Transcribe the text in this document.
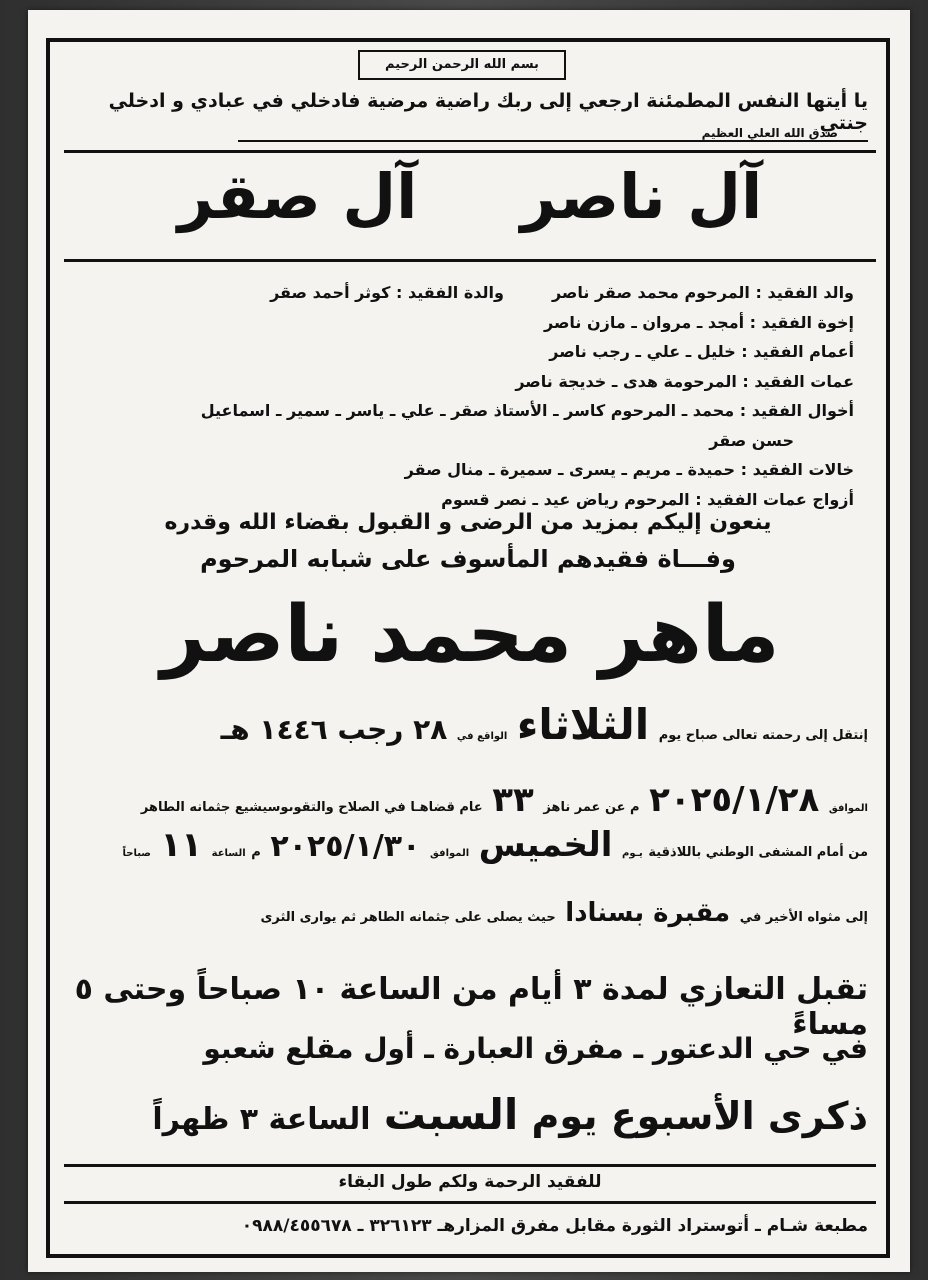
بسم الله الرحمن الرحيم
يا أيتها النفس المطمئنة ارجعي إلى ربك راضية مرضية فادخلي في عبادي و ادخلي جنتي
صدق الله العلي العظيم
آل ناصر  آل صقر
والد الفقيد : المرحوم محمد صقر ناصروالدة الفقيد : كوثر أحمد صقر
إخوة الفقيد : أمجد ـ مروان ـ مازن ناصر
أعمام الفقيد : خليل ـ علي ـ رجب ناصر
عمات الفقيد : المرحومة هدى ـ خديجة ناصر
أخوال الفقيد : محمد ـ المرحوم كاسر ـ الأستاذ صقر ـ علي ـ ياسر ـ سمير ـ اسماعيل
حسن صقر
خالات الفقيد : حميدة ـ مريم ـ يسرى ـ سميرة ـ منال صقر
أزواج عمات الفقيد : المرحوم رياض عيد ـ نصر قسوم
ينعون إليكم بمزيد من الرضى و القبول بقضاء الله وقدره
وفـــاة فقيدهم المأسوف على شبابه المرحوم
ماهر محمد ناصر
إنتقل إلى رحمته تعالى صباح يوم الثلاثاء الواقع في ٢٨ رجب ١٤٤٦ هـ
الموافق ٢٠٢٥/١/٢٨ م عن عمر ناهز ٣٣ عام قضاهـا في الصلاح والتقوىوسيشيع جثمانه الطاهر
من أمام المشفى الوطني باللاذقية يـوم الخميس الموافق ٢٠٢٥/١/٣٠ م الساعة ١١ صباحاً
إلى مثواه الأخير في مقبرة بسنادا حيث يصلى على جثمانه الطاهر ثم يوارى الثرى
تقبل التعازي لمدة ٣ أيام من الساعة ١٠ صباحاً وحتى ٥ مساءً
في حي الدعتور ـ مفرق العبارة ـ أول مقلع شعبو
ذكرى الأسبوع يوم السبت الساعة ٣ ظهراً
للفقيد الرحمة ولكم طول البقاء
مطبعة شـام ـ أتوستراد الثورة مقابل مفرق المزارهـ ٣٢٦١٢٣ ـ ٠٩٨٨/٤٥٥٦٧٨
